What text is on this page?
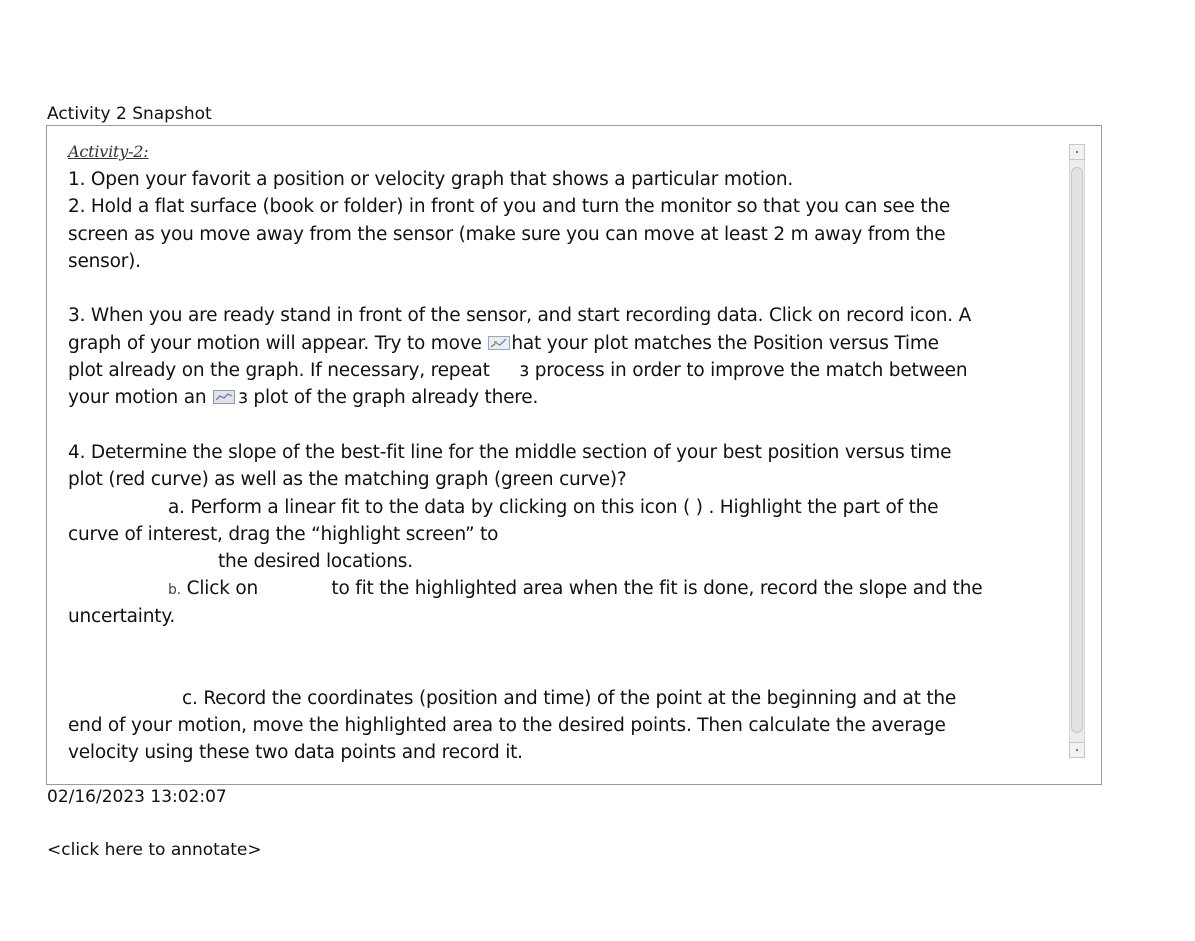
Activity 2 Snapshot
Activity-2:
1. Open your favorit a position or velocity graph that shows a particular motion.
2. Hold a flat surface (book or folder) in front of you and turn the monitor so that you can see the
screen as you move away from the sensor (make sure you can move at least 2 m away from the
sensor).
3. When you are ready stand in front of the sensor, and start recording data. Click on record icon. A
graph of your motion will appear. Try to move hat your plot matches the Position versus Time
plot already on the graph. If necessary, repeat ɜ process in order to improve the match between
your motion an ɜ plot of the graph already there.
4. Determine the slope of the best-fit line for the middle section of your best position versus time
plot (red curve) as well as the matching graph (green curve)?
a. Perform a linear fit to the data by clicking on this icon ( ) . Highlight the part of the
curve of interest, drag the “highlight screen” to
the desired locations.
b. Click on	to fit the highlighted area when the fit is done, record the slope and the
uncertainty.
c. Record the coordinates (position and time) of the point at the beginning and at the
end of your motion, move the highlighted area to the desired points. Then calculate the average
velocity using these two data points and record it.
02/16/2023 13:02:07
<click here to annotate>
